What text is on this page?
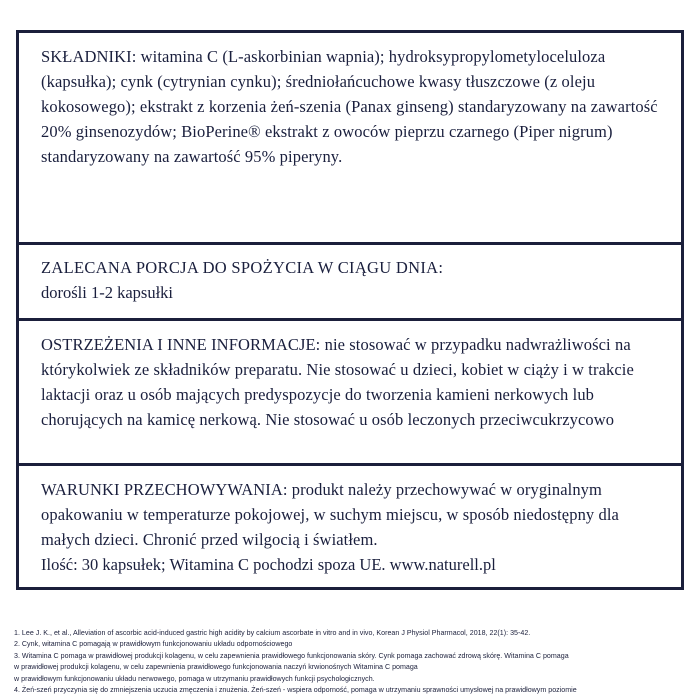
SKŁADNIKI: witamina C (L-askorbinian wapnia); hydroksypropylometyloceluloza (kapsułka); cynk (cytrynian cynku); średniołańcuchowe kwasy tłuszczowe (z oleju kokosowego); ekstrakt z korzenia żeń-szenia (Panax ginseng) standaryzowany na zawartość 20% ginsenozydów; BioPerine® ekstrakt z owoców pieprzu czarnego (Piper nigrum) standaryzowany na zawartość 95% piperyny.

ZALECANA PORCJA DO SPOŻYCIA W CIĄGU DNIA:

dorośli 1-2 kapsułki

OSTRZEŻENIA I INNE INFORMACJE: nie stosować w przypadku nadwrażliwości na którykolwiek ze składników preparatu. Nie stosować u dzieci, kobiet w ciąży i w trakcie laktacji oraz u osób mających predyspozycje do tworzenia kamieni nerkowych lub chorujących na kamicę nerkową. Nie stosować u osób leczonych przeciwcukrzycowo

WARUNKI PRZECHOWYWANIA: produkt należy przechowywać w oryginalnym opakowaniu w temperaturze pokojowej, w suchym miejscu, w sposób niedostępny dla małych dzieci. Chronić przed wilgocią i światłem.

Ilość: 30 kapsułek; Witamina C pochodzi spoza UE. www.naturell.pl

1. Lee J. K., et al., Alleviation of ascorbic acid-induced gastric high acidity by calcium ascorbate in vitro and in vivo, Korean J Physiol Pharmacol, 2018, 22(1): 35-42.

2. Cynk, witamina C pomagają w prawidłowym funkcjonowaniu układu odpornościowego

3. Witamina C pomaga w prawidłowej produkcji kolagenu, w celu zapewnienia prawidłowego funkcjonowania skóry. Cynk pomaga zachować zdrową skórę. Witamina C pomaga

w prawidłowej produkcji kolagenu, w celu zapewnienia prawidłowego funkcjonowania naczyń krwionośnych Witamina C pomaga

w prawidłowym funkcjonowaniu układu nerwowego, pomaga w utrzymaniu prawidłowych funkcji psychologicznych.

4. Żeń-szeń przyczynia się do zmniejszenia uczucia zmęczenia i znużenia. Żeń-szeń - wspiera odporność, pomaga w utrzymaniu sprawności umysłowej na prawidłowym poziomie
